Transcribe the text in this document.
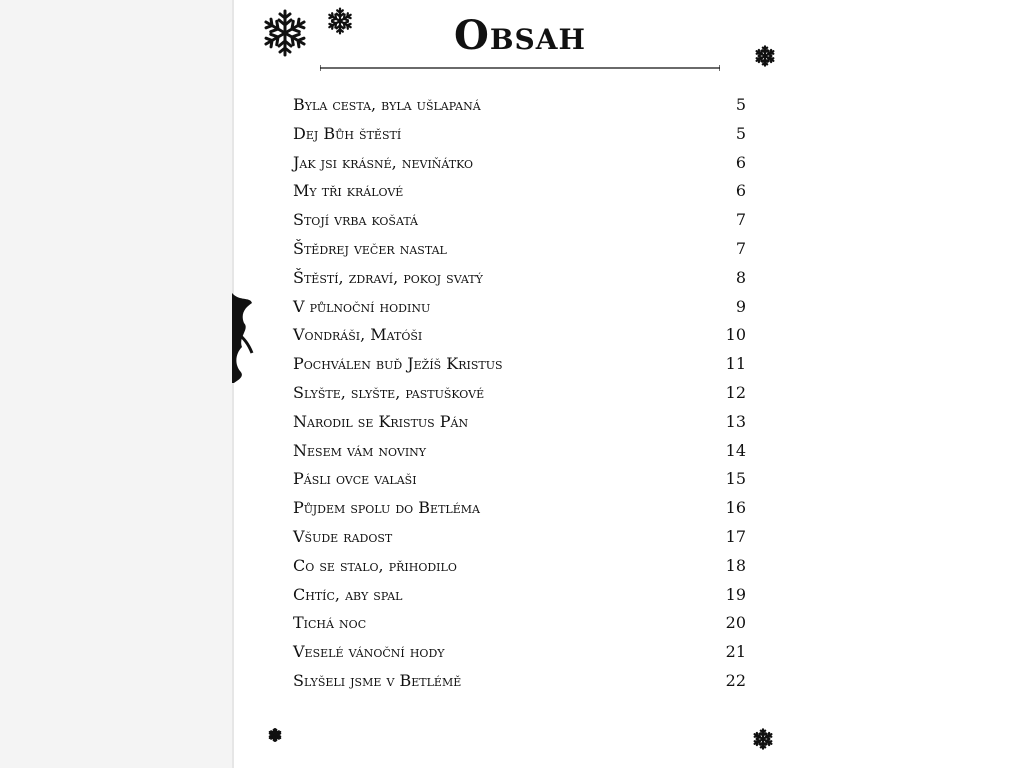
Obsah
Byla cesta, byla ušlapaná	5
Dej Bůh štěstí	5
Jak jsi krásné, neviňátko	6
My tři králové	6
Stojí vrba košatá	7
Štědrej večer nastal	7
Štěstí, zdraví, pokoj svatý	8
V půlnoční hodinu	9
Vondráši, Matóši	10
Pochválen buď Ježíš Kristus	11
Slyšte, slyšte, pastuškové	12
Narodil se Kristus Pán	13
Nesem vám noviny	14
Pásli ovce valaši	15
Půjdem spolu do Betléma	16
Všude radost	17
Co se stalo, přihodilo	18
Chtíc, aby spal	19
Tichá noc	20
Veselé vánoční hody	21
Slyšeli jsme v Betlémě	22
